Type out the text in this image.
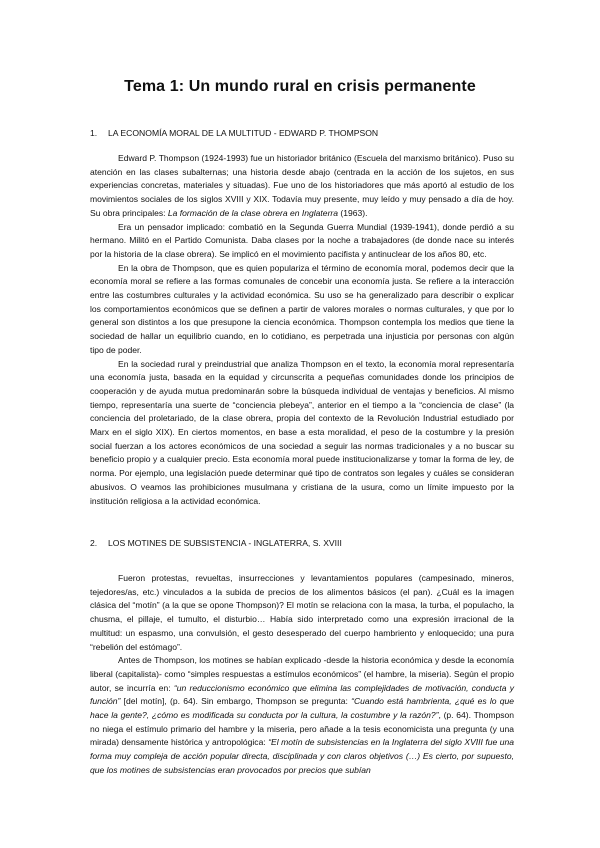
Tema 1: Un mundo rural en crisis permanente
1. LA ECONOMÍA MORAL DE LA MULTITUD - EDWARD P. THOMPSON

Edward P. Thompson (1924-1993) fue un historiador británico (Escuela del marxismo británico). Puso su atención en las clases subalternas; una historia desde abajo (centrada en la acción de los sujetos, en sus experiencias concretas, materiales y situadas). Fue uno de los historiadores que más aportó al estudio de los movimientos sociales de los siglos XVIII y XIX. Todavía muy presente, muy leído y muy pensado a día de hoy. Su obra principales: La formación de la clase obrera en Inglaterra (1963).

Era un pensador implicado: combatió en la Segunda Guerra Mundial (1939-1941), donde perdió a su hermano. Militó en el Partido Comunista. Daba clases por la noche a trabajadores (de donde nace su interés por la historia de la clase obrera). Se implicó en el movimiento pacifista y antinuclear de los años 80, etc.

En la obra de Thompson, que es quien populariza el término de economía moral, podemos decir que la economía moral se refiere a las formas comunales de concebir una economía justa. Se refiere a la interacción entre las costumbres culturales y la actividad económica. Su uso se ha generalizado para describir o explicar los comportamientos económicos que se definen a partir de valores morales o normas culturales, y que por lo general son distintos a los que presupone la ciencia económica. Thompson contempla los medios que tiene la sociedad de hallar un equilibrio cuando, en lo cotidiano, es perpetrada una injusticia por personas con algún tipo de poder.

En la sociedad rural y preindustrial que analiza Thompson en el texto, la economía moral representaría una economía justa, basada en la equidad y circunscrita a pequeñas comunidades donde los principios de cooperación y de ayuda mutua predominarán sobre la búsqueda individual de ventajas y beneficios. Al mismo tiempo, representaría una suerte de “conciencia plebeya”, anterior en el tiempo a la “conciencia de clase” (la conciencia del proletariado, de la clase obrera, propia del contexto de la Revolución Industrial estudiado por Marx en el siglo XIX). En ciertos momentos, en base a esta moralidad, el peso de la costumbre y la presión social fuerzan a los actores económicos de una sociedad a seguir las normas tradicionales y a no buscar su beneficio propio y a cualquier precio. Esta economía moral puede institucionalizarse y tomar la forma de ley, de norma. Por ejemplo, una legislación puede determinar qué tipo de contratos son legales y cuáles se consideran abusivos. O veamos las prohibiciones musulmana y cristiana de la usura, como un límite impuesto por la institución religiosa a la actividad económica.

2. LOS MOTINES DE SUBSISTENCIA - INGLATERRA, S. XVIII

Fueron protestas, revueltas, insurrecciones y levantamientos populares (campesinado, mineros, tejedores/as, etc.) vinculados a la subida de precios de los alimentos básicos (el pan). ¿Cuál es la imagen clásica del “motín” (a la que se opone Thompson)? El motín se relaciona con la masa, la turba, el populacho, la chusma, el pillaje, el tumulto, el disturbio… Había sido interpretado como una expresión irracional de la multitud: un espasmo, una convulsión, el gesto desesperado del cuerpo hambriento y enloquecido; una pura “rebelión del estómago”.

Antes de Thompson, los motines se habían explicado -desde la historia económica y desde la economía liberal (capitalista)- como “simples respuestas a estímulos económicos” (el hambre, la miseria). Según el propio autor, se incurría en: “un reduccionismo económico que elimina las complejidades de motivación, conducta y función” [del motín], (p. 64). Sin embargo, Thompson se pregunta: “Cuando está hambrienta, ¿qué es lo que hace la gente?, ¿cómo es modificada su conducta por la cultura, la costumbre y la razón?”, (p. 64). Thompson no niega el estímulo primario del hambre y la miseria, pero añade a la tesis economicista una pregunta (y una mirada) densamente histórica y antropológica: “El motín de subsistencias en la Inglaterra del siglo XVIII fue una forma muy compleja de acción popular directa, disciplinada y con claros objetivos (…) Es cierto, por supuesto, que los motines de subsistencias eran provocados por precios que subían
